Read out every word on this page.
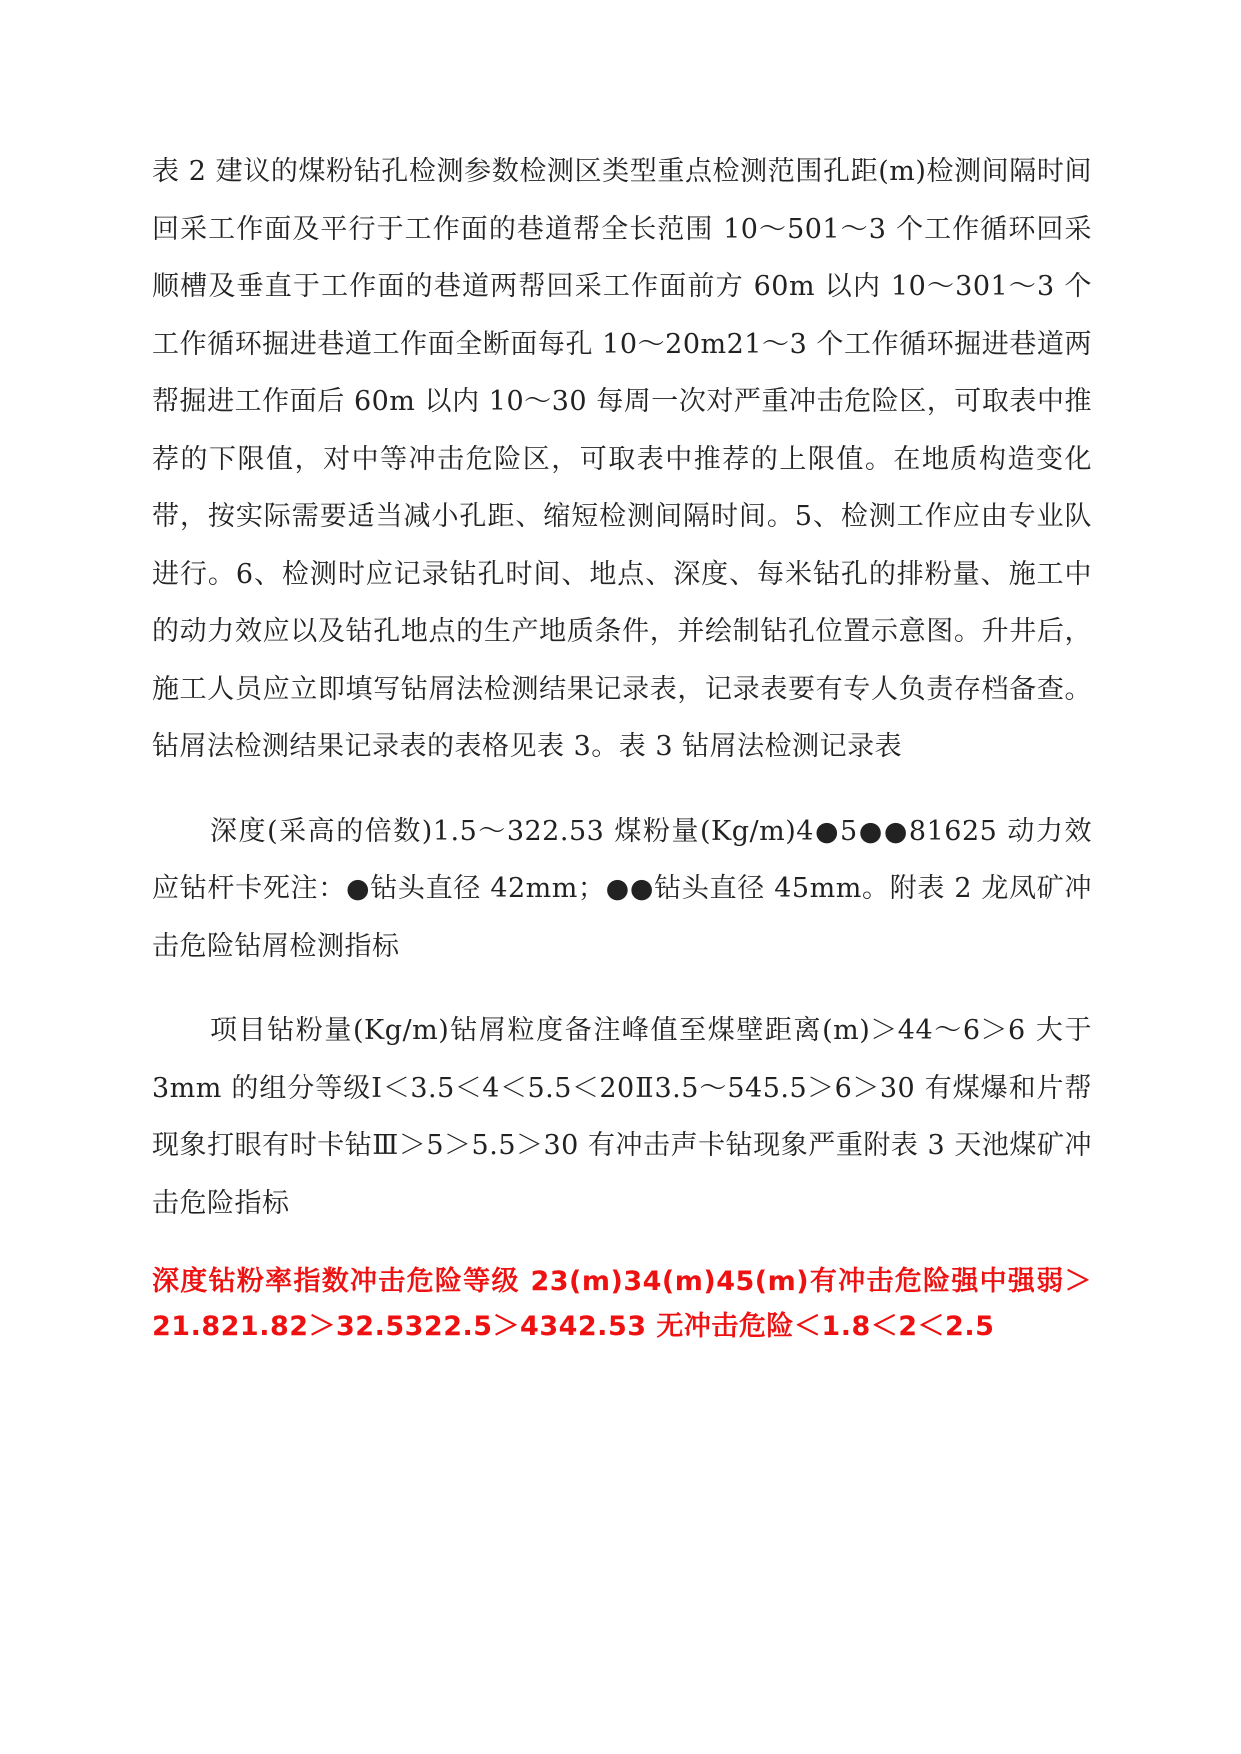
表 2 建议的煤粉钻孔检测参数检测区类型重点检测范围孔距(m)检测间隔时间回采工作面及平行于工作面的巷道帮全长范围 10～501～3 个工作循环回采顺槽及垂直于工作面的巷道两帮回采工作面前方 60m 以内 10～301～3 个工作循环掘进巷道工作面全断面每孔 10～20m21～3 个工作循环掘进巷道两帮掘进工作面后 60m 以内 10～30 每周一次对严重冲击危险区，可取表中推荐的下限值，对中等冲击危险区，可取表中推荐的上限值。在地质构造变化带，按实际需要适当减小孔距、缩短检测间隔时间。5、检测工作应由专业队进行。6、检测时应记录钻孔时间、地点、深度、每米钻孔的排粉量、施工中的动力效应以及钻孔地点的生产地质条件，并绘制钻孔位置示意图。升井后，施工人员应立即填写钻屑法检测结果记录表，记录表要有专人负责存档备查。钻屑法检测结果记录表的表格见表 3。表 3 钻屑法检测记录表

深度(采高的倍数)1.5～322.53 煤粉量(Kg/m)4●5●●81625 动力效应钻杆卡死注：●钻头直径 42mm；●●钻头直径 45mm。附表 2 龙凤矿冲击危险钻屑检测指标

项目钻粉量(Kg/m)钻屑粒度备注峰值至煤壁距离(m)＞44～6＞6 大于 3mm 的组分等级Ⅰ＜3.5＜4＜5.5＜20Ⅱ3.5～545.5＞6＞30 有煤爆和片帮现象打眼有时卡钻Ⅲ＞5＞5.5＞30 有冲击声卡钻现象严重附表 3 天池煤矿冲击危险指标

深度钻粉率指数冲击危险等级 23(m)34(m)45(m)有冲击危险强中强弱＞21.821.82＞32.5322.5＞4342.53 无冲击危险＜1.8＜2＜2.5
